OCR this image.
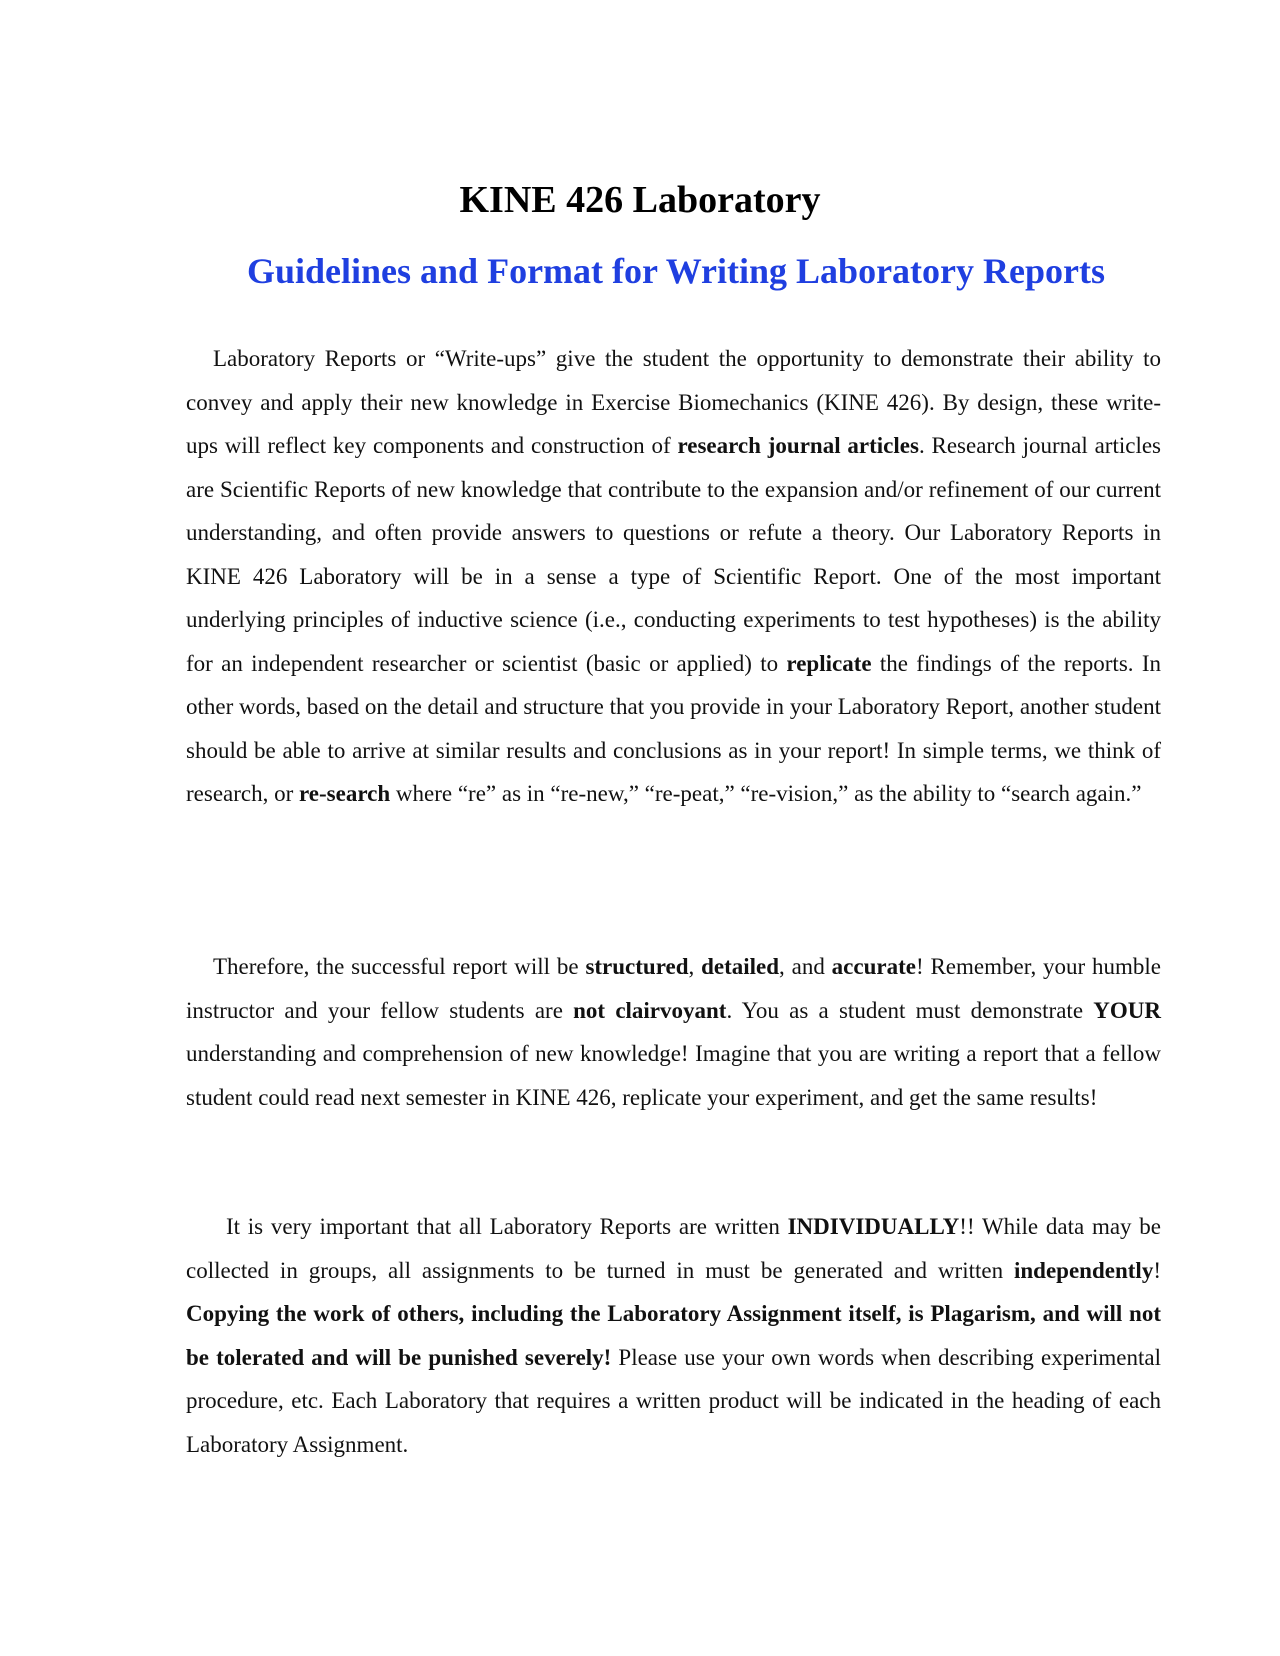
KINE 426 Laboratory
Guidelines and Format for Writing Laboratory Reports

Laboratory Reports or “Write-ups” give the student the opportunity to demonstrate their ability to convey and apply their new knowledge in Exercise Biomechanics (KINE 426). By design, these write-ups will reflect key components and construction of research journal articles. Research journal articles are Scientific Reports of new knowledge that contribute to the expansion and/or refinement of our current understanding, and often provide answers to questions or refute a theory. Our Laboratory Reports in KINE 426 Laboratory will be in a sense a type of Scientific Report. One of the most important underlying principles of inductive science (i.e., conducting experiments to test hypotheses) is the ability for an independent researcher or scientist (basic or applied) to replicate the findings of the reports. In other words, based on the detail and structure that you provide in your Laboratory Report, another student should be able to arrive at similar results and conclusions as in your report! In simple terms, we think of research, or re-search where “re” as in “re-new,” “re-peat,” “re-vision,” as the ability to “search again.”

Therefore, the successful report will be structured, detailed, and accurate! Remember, your humble instructor and your fellow students are not clairvoyant. You as a student must demonstrate YOUR understanding and comprehension of new knowledge! Imagine that you are writing a report that a fellow student could read next semester in KINE 426, replicate your experiment, and get the same results!

It is very important that all Laboratory Reports are written INDIVIDUALLY!! While data may be collected in groups, all assignments to be turned in must be generated and written independently! Copying the work of others, including the Laboratory Assignment itself, is Plagarism, and will not be tolerated and will be punished severely! Please use your own words when describing experimental procedure, etc. Each Laboratory that requires a written product will be indicated in the heading of each Laboratory Assignment.
